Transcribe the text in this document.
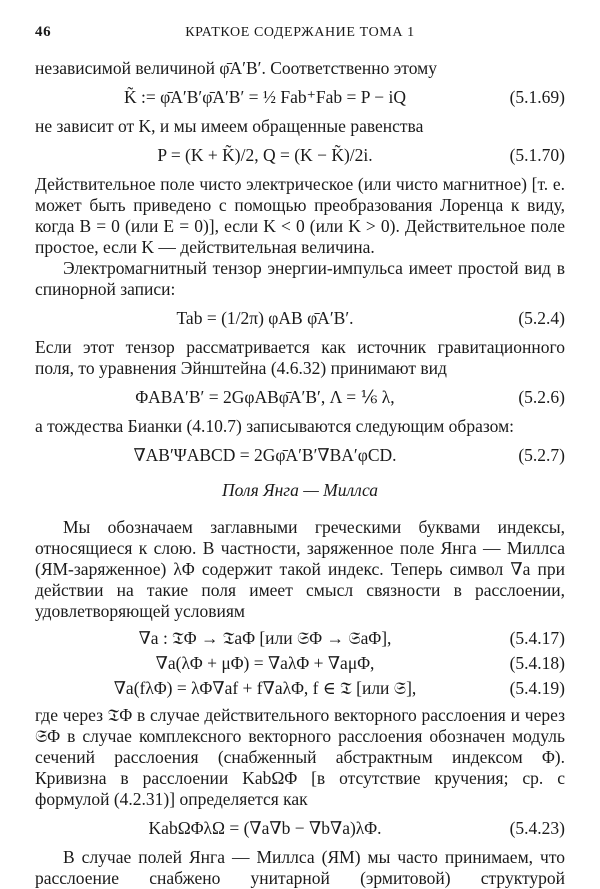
46	КРАТКОЕ СОДЕРЖАНИЕ ТОМА 1

независимой величиной φ̄A′B′. Соответственно этому

K̃ := φ̄A′B′φ̄A′B′ = ½ Fab⁺Fab = P − iQ	(5.1.69)

не зависит от K, и мы имеем обращенные равенства

P = (K + K̃)/2, Q = (K − K̃)/2i.	(5.1.70)

Действительное поле чисто электрическое (или чисто магнитное) [т. е. может быть приведено с помощью преобразования Лоренца к виду, когда B = 0 (или E = 0)], если K < 0 (или K > 0). Действительное поле простое, если K — действительная величина.

Электромагнитный тензор энергии-импульса имеет простой вид в спинорной записи:

Tab = (1/2π) φAB φ̄A′B′.	(5.2.4)

Если этот тензор рассматривается как источник гравитационного поля, то уравнения Эйнштейна (4.6.32) принимают вид

ΦABA′B′ = 2GφABφ̄A′B′, Λ = ⅙ λ,	(5.2.6)

а тождества Бианки (4.10.7) записываются следующим образом:

∇AB′ΨABCD = 2Gφ̄A′B′∇BA′φCD.	(5.2.7)
Поля Янга — Миллса

Мы обозначаем заглавными греческими буквами индексы, относящиеся к слою. В частности, заряженное поле Янга — Миллса (ЯМ-заряженное) λΦ содержит такой индекс. Теперь символ ∇a при действии на такие поля имеет смысл связности в расслоении, удовлетворяющей условиям

∇a : 𝔗Φ → 𝔗aΦ [или 𝔖Φ → 𝔖aΦ],	(5.4.17)
∇a(λΦ + μΦ) = ∇aλΦ + ∇aμΦ,	(5.4.18)
∇a(fλΦ) = λΦ∇af + f∇aλΦ, f ∈ 𝔗 [или 𝔖],	(5.4.19)

где через 𝔗Φ в случае действительного векторного расслоения и через 𝔖Φ в случае комплексного векторного расслоения обозначен модуль сечений расслоения (снабженный абстрактным индексом Φ). Кривизна в расслоении KabΩΦ [в отсутствие кручения; ср. с формулой (4.2.31)] определяется как

KabΩΦλΩ = (∇a∇b − ∇b∇a)λΦ.	(5.4.23)

В случае полей Янга — Миллса (ЯМ) мы часто принимаем, что расслоение снабжено унитарной (эрмитовой) структурой
